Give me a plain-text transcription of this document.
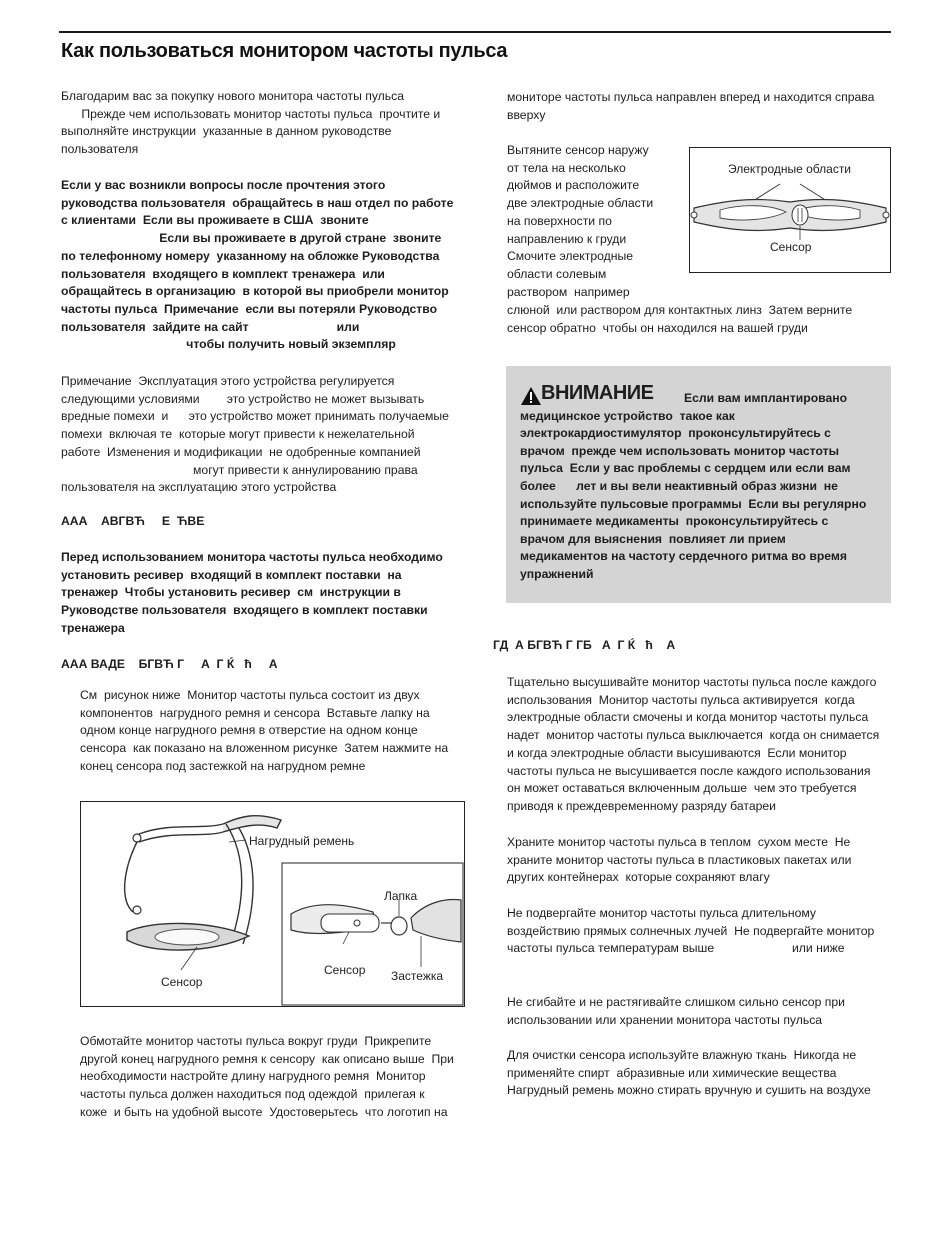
Как пользоваться монитором частоты пульса

Благодарим вас за покупку нового монитора частоты пульса

Прежде чем использовать монитор частоты пульса  прочтите и

выполняйте инструкции  указанные в данном руководстве

пользователя

Если у вас возникли вопросы после прочтения этого

руководства пользователя  обращайтесь в наш отдел по работе

с клиентами  Если вы проживаете в США  звоните

Если вы проживаете в другой стране  звоните

по телефонному номеру  указанному на обложке Руководства

пользователя  входящего в комплект тренажера  или

обращайтесь в организацию  в которой вы приобрели монитор

частоты пульса  Примечание  если вы потеряли Руководство

пользователя  зайдите на сайт                          или

чтобы получить новый экземпляр

Примечание  Эксплуатация этого устройства регулируется

следующими условиями        это устройство не может вызывать

вредные помехи  и      это устройство может принимать получаемые

помехи  включая те  которые могут привести к нежелательной

работе  Изменения и модификации  не одобренные компанией

могут привести к аннулированию права

пользователя на эксплуатацию этого устройства

ААА    АВГВЋ     Е  ЋВЕ

Перед использованием монитора частоты пульса необходимо

установить ресивер  входящий в комплект поставки  на

тренажер  Чтобы установить ресивер  см  инструкции в

Руководстве пользователя  входящего в комплект поставки

тренажера

ААА ВАДЕ    БГВЋ Г     А  Г Ќ   ћ     А

См  рисунок ниже  Монитор частоты пульса состоит из двух

компонентов  нагрудного ремня и сенсора  Вставьте лапку на

одном конце нагрудного ремня в отверстие на одном конце

сенсора  как показано на вложенном рисунке  Затем нажмите на

конец сенсора под застежкой на нагрудном ремне

Нагрудный ремень
Сенсор
Лапка
Сенсор Застежка

Обмотайте монитор частоты пульса вокруг груди  Прикрепите

другой конец нагрудного ремня к сенсору  как описано выше  При

необходимости настройте длину нагрудного ремня  Монитор

частоты пульса должен находиться под одеждой  прилегая к

коже  и быть на удобной высоте  Удостоверьтесь  что логотип на

мониторе частоты пульса направлен вперед и находится справа

вверху

Вытяните сенсор наружу

от тела на несколько

дюймов и расположите

две электродные области

на поверхности по

направлению к груди

Смочите электродные

области солевым

раствором  например

слюной  или раствором для контактных линз  Затем верните

сенсор обратно  чтобы он находился на вашей груди

Электродные области
Сенсор
ВНИМАНИЕ	Если вам имплантировано

медицинское устройство  такое как

электрокардиостимулятор  проконсультируйтесь с

врачом  прежде чем использовать монитор частоты

пульса  Если у вас проблемы с сердцем или если вам

более      лет и вы вели неактивный образ жизни  не

используйте пульсовые программы  Если вы регулярно

принимаете медикаменты  проконсультируйтесь с

врачом для выяснения  повлияет ли прием

медикаментов на частоту сердечного ритма во время

упражнений

ГД  А БГВЋ Г ГБ   А  Г Ќ   ћ    А

Тщательно высушивайте монитор частоты пульса после каждого

использования  Монитор частоты пульса активируется  когда

электродные области смочены и когда монитор частоты пульса

надет  монитор частоты пульса выключается  когда он снимается

и когда электродные области высушиваются  Если монитор

частоты пульса не высушивается после каждого использования

он может оставаться включенным дольше  чем это требуется

приводя к преждевременному разряду батареи

Храните монитор частоты пульса в теплом  сухом месте  Не

храните монитор частоты пульса в пластиковых пакетах или

других контейнерах  которые сохраняют влагу

Не подвергайте монитор частоты пульса длительному

воздействию прямых солнечных лучей  Не подвергайте монитор

частоты пульса температурам выше                       или ниже

Не сгибайте и не растягивайте слишком сильно сенсор при

использовании или хранении монитора частоты пульса

Для очистки сенсора используйте влажную ткань  Никогда не

применяйте спирт  абразивные или химические вещества

Нагрудный ремень можно стирать вручную и сушить на воздухе
